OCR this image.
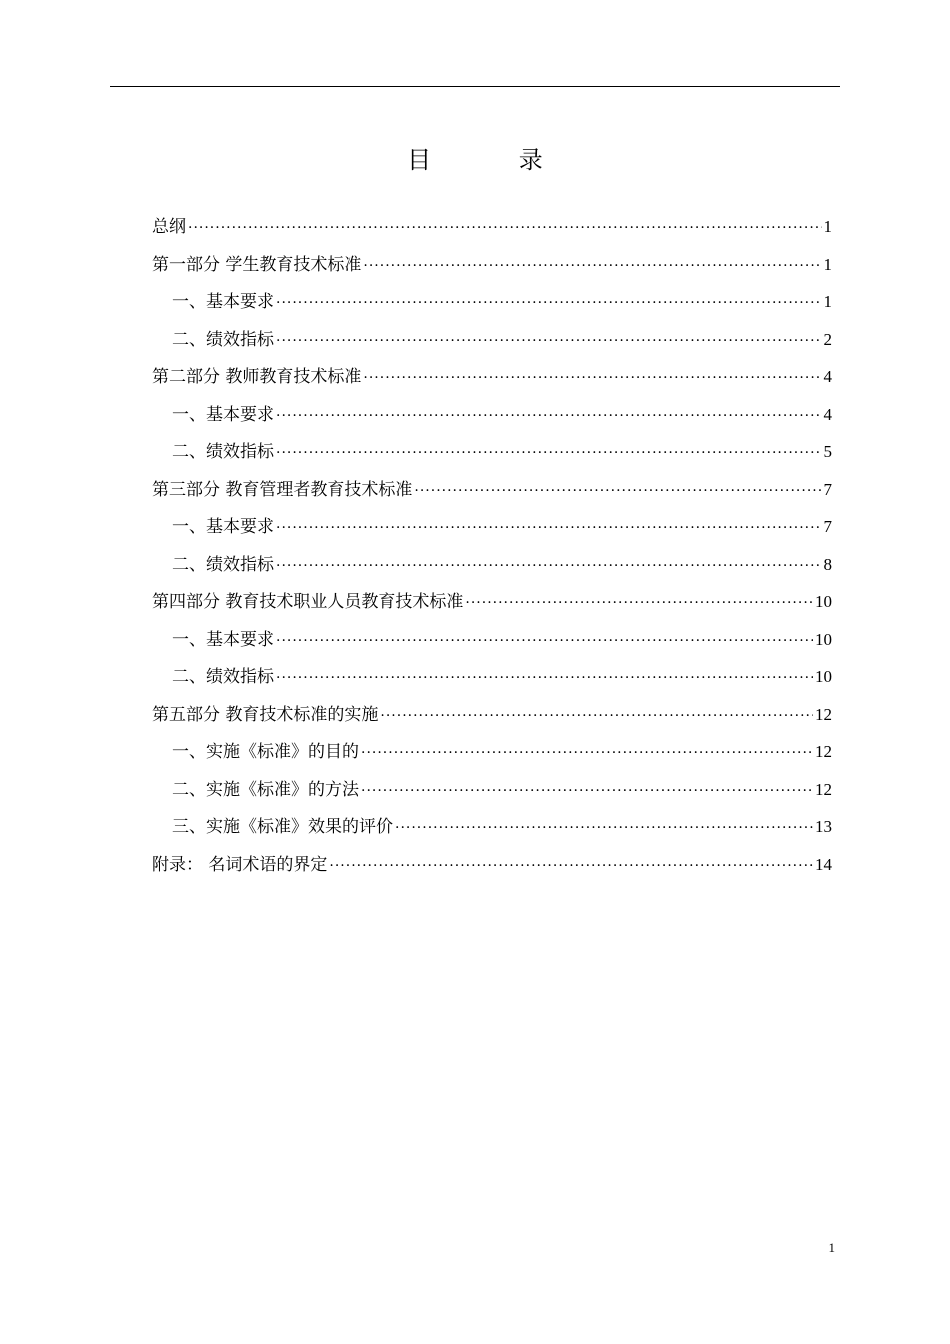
目 录
总纲 ·····	1
第一部分 学生教育技术标准 ·····	1
一、基本要求 ·····	1
二、绩效指标 ·····	2
第二部分 教师教育技术标准 ·····	4
一、基本要求 ·····	4
二、绩效指标 ·····	5
第三部分 教育管理者教育技术标准 ·····	7
一、基本要求 ·····	7
二、绩效指标 ·····	8
第四部分 教育技术职业人员教育技术标准 ·····	10
一、基本要求 ·····	10
二、绩效指标 ·····	10
第五部分 教育技术标准的实施 ·····	12
一、实施《标准》的目的 ·····	12
二、实施《标准》的方法 ·····	12
三、实施《标准》效果的评价 ·····	13
附录： 名词术语的界定 ·····	14
1
